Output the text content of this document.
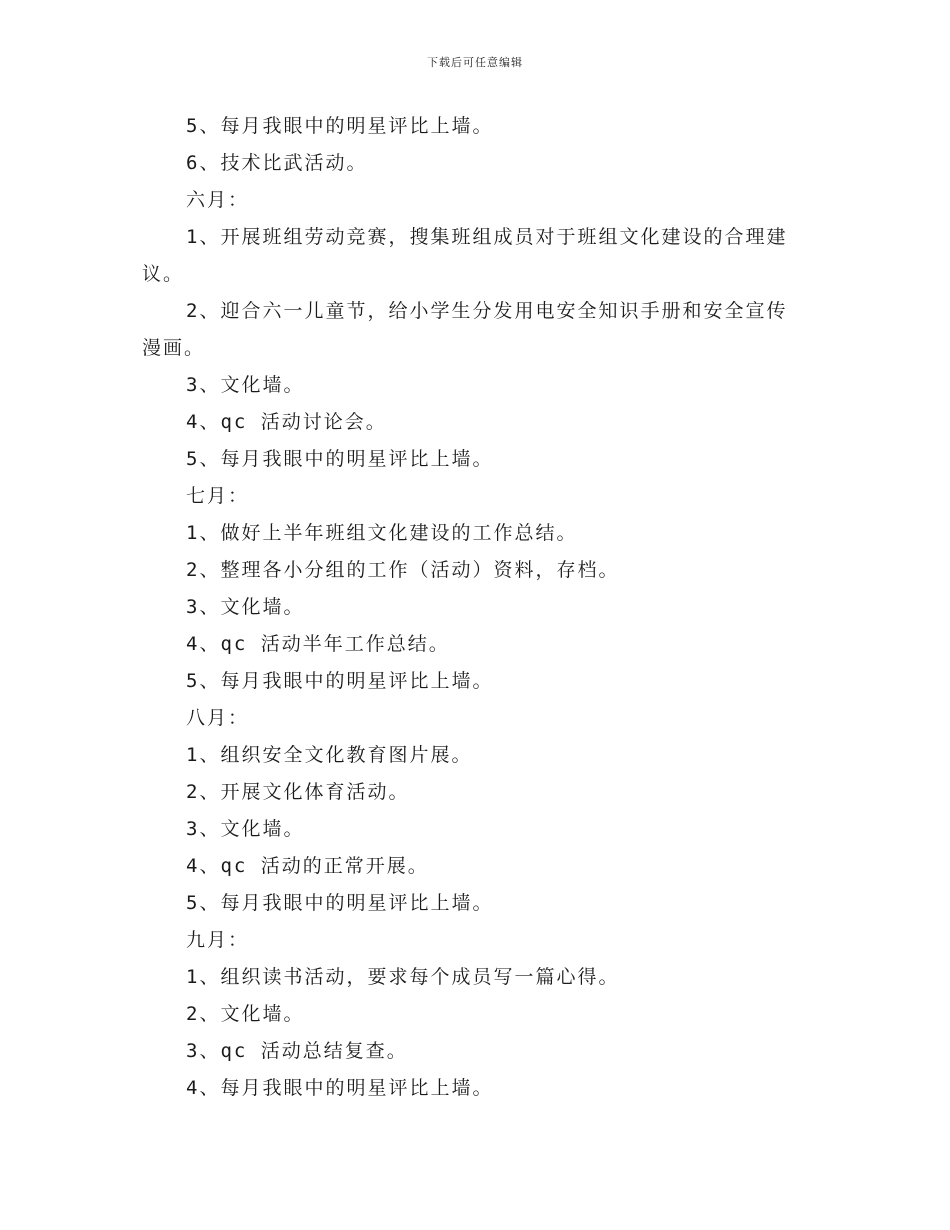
下载后可任意编辑
5、每月我眼中的明星评比上墙。
6、技术比武活动。
六月：
1、开展班组劳动竞赛，搜集班组成员对于班组文化建设的合理建
议。
2、迎合六一儿童节，给小学生分发用电安全知识手册和安全宣传
漫画。
3、文化墙。
4、qc 活动讨论会。
5、每月我眼中的明星评比上墙。
七月：
1、做好上半年班组文化建设的工作总结。
2、整理各小分组的工作（活动）资料，存档。
3、文化墙。
4、qc 活动半年工作总结。
5、每月我眼中的明星评比上墙。
八月：
1、组织安全文化教育图片展。
2、开展文化体育活动。
3、文化墙。
4、qc 活动的正常开展。
5、每月我眼中的明星评比上墙。
九月：
1、组织读书活动，要求每个成员写一篇心得。
2、文化墙。
3、qc 活动总结复查。
4、每月我眼中的明星评比上墙。
